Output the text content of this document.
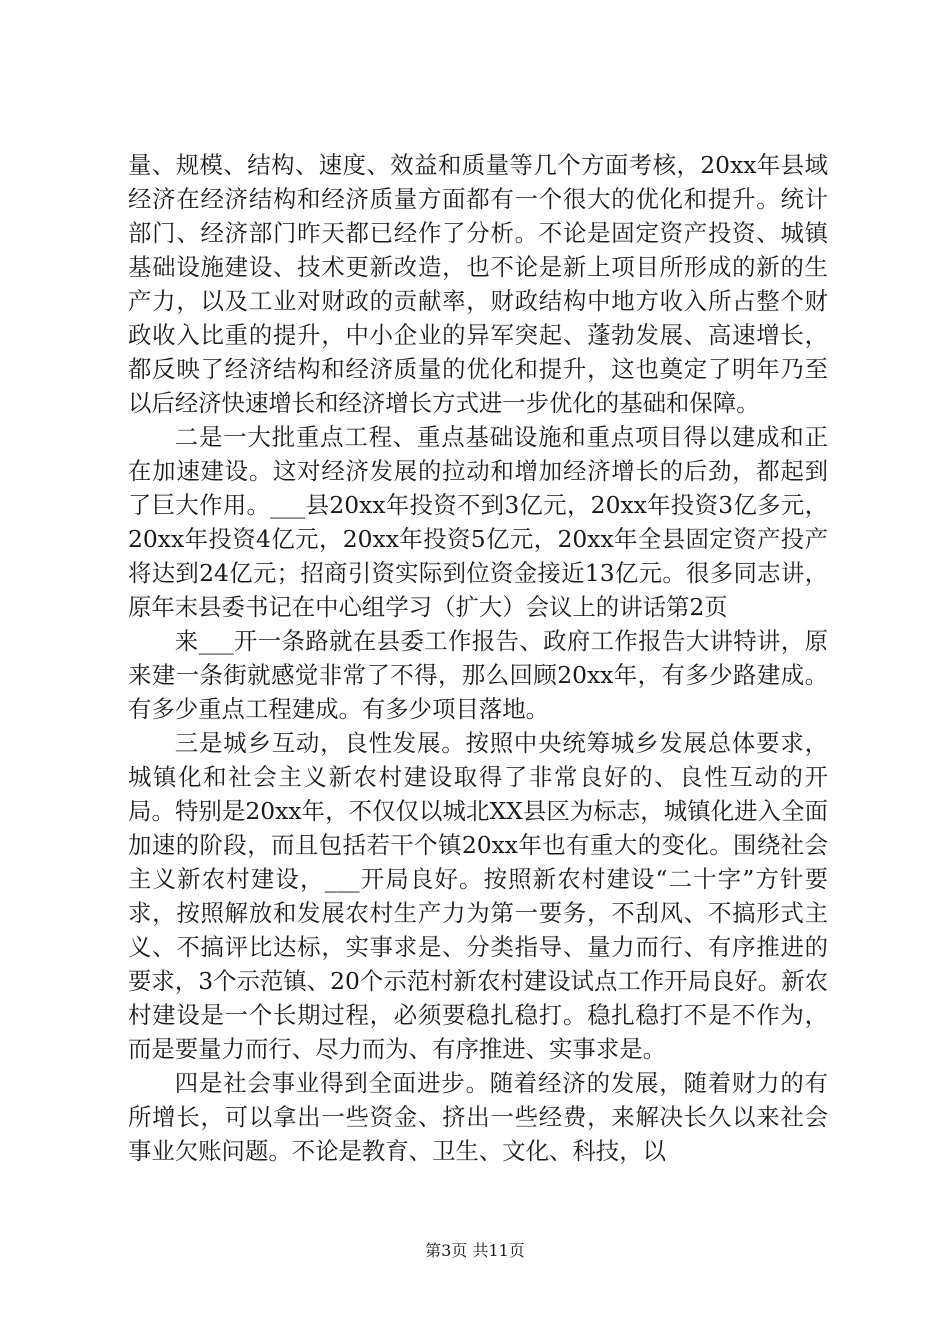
量、规模、结构、速度、效益和质量等几个方面考核，20xx年县域经济在经济结构和经济质量方面都有一个很大的优化和提升。统计部门、经济部门昨天都已经作了分析。不论是固定资产投资、城镇基础设施建设、技术更新改造，也不论是新上项目所形成的新的生产力，以及工业对财政的贡献率，财政结构中地方收入所占整个财政收入比重的提升，中小企业的异军突起、蓬勃发展、高速增长，都反映了经济结构和经济质量的优化和提升，这也奠定了明年乃至以后经济快速增长和经济增长方式进一步优化的基础和保障。

二是一大批重点工程、重点基础设施和重点项目得以建成和正在加速建设。这对经济发展的拉动和增加经济增长的后劲，都起到了巨大作用。___县20xx年投资不到3亿元，20xx年投资3亿多元，20xx年投资4亿元，20xx年投资5亿元，20xx年全县固定资产投产将达到24亿元；招商引资实际到位资金接近13亿元。很多同志讲，原年末县委书记在中心组学习（扩大）会议上的讲话第2页

来___开一条路就在县委工作报告、政府工作报告大讲特讲，原来建一条街就感觉非常了不得，那么回顾20xx年，有多少路建成。有多少重点工程建成。有多少项目落地。

三是城乡互动，良性发展。按照中央统筹城乡发展总体要求，城镇化和社会主义新农村建设取得了非常良好的、良性互动的开局。特别是20xx年，不仅仅以城北XX县区为标志，城镇化进入全面加速的阶段，而且包括若干个镇20xx年也有重大的变化。围绕社会主义新农村建设，___开局良好。按照新农村建设“二十字”方针要求，按照解放和发展农村生产力为第一要务，不刮风、不搞形式主义、不搞评比达标，实事求是、分类指导、量力而行、有序推进的要求，3个示范镇、20个示范村新农村建设试点工作开局良好。新农村建设是一个长期过程，必须要稳扎稳打。稳扎稳打不是不作为，而是要量力而行、尽力而为、有序推进、实事求是。

四是社会事业得到全面进步。随着经济的发展，随着财力的有所增长，可以拿出一些资金、挤出一些经费，来解决长久以来社会事业欠账问题。不论是教育、卫生、文化、科技，以

第3页 共11页
